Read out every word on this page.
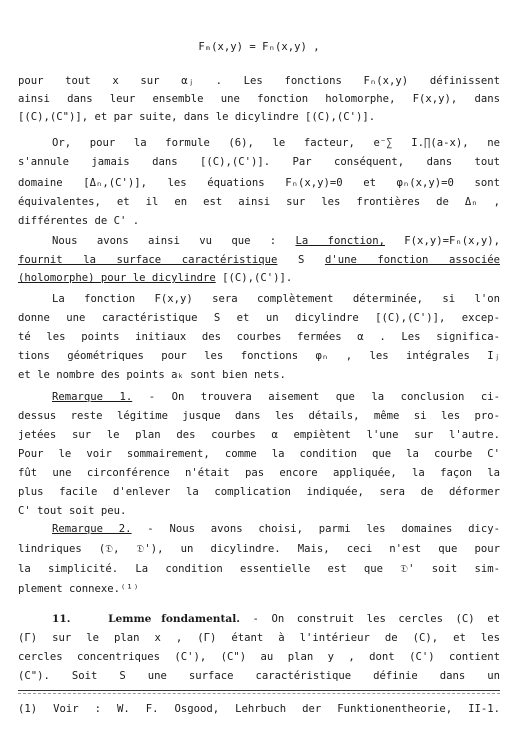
Fₘ(x,y) = Fₙ(x,y) ,
pour tout x sur αⱼ . Les fonctions Fₙ(x,y) définissent
ainsi dans leur ensemble une fonction holomorphe, F(x,y), dans
[(C),(C")], et par suite, dans le dicylindre [(C),(C')].
Or, pour la formule (6), le facteur, e⁻∑ I.∏(a-x), ne
s'annule jamais dans [(C),(C')]. Par conséquent, dans tout
domaine [Δₙ,(C')], les équations Fₙ(x,y)=0 et φₙ(x,y)=0 sont
équivalentes, et il en est ainsi sur les frontières de Δₙ ,
différentes de C' .
Nous avons ainsi vu que : La fonction, F(x,y)=Fₙ(x,y),
fournit la surface caractéristique S d'une fonction associée
(holomorphe) pour le dicylindre [(C),(C')].
La fonction F(x,y) sera complètement déterminée, si l'on
donne une caractéristique S et un dicylindre [(C),(C')], excep-
té les points initiaux des courbes fermées α . Les significa-
tions géométriques pour les fonctions φₙ , les intégrales Iⱼ
et le nombre des points aₖ sont bien nets.
Remarque 1. - On trouvera aisement que la conclusion ci-
dessus reste légitime jusque dans les détails, même si les pro-
jetées sur le plan des courbes α empiètent l'une sur l'autre.
Pour le voir sommairement, comme la condition que la courbe C'
fût une circonférence n'était pas encore appliquée, la façon la
plus facile d'enlever la complication indiquée, sera de déformer
C' tout soit peu.
Remarque 2. - Nous avons choisi, parmi les domaines dicy-
lindriques (𝔇, 𝔇'), un dicylindre. Mais, ceci n'est que pour
la simplicité. La condition essentielle est que 𝔇' soit sim-
plement connexe.⁽¹⁾
11.	Lemme fondamental. - On construit les cercles (C) et
(Γ) sur le plan x , (Γ) étant à l'intérieur de (C), et les
cercles concentriques (C'), (C") au plan y , dont (C') contient
(C"). Soit S une surface caractéristique définie dans un
(1) Voir : W. F. Osgood, Lehrbuch der Funktionentheorie, II-1.
